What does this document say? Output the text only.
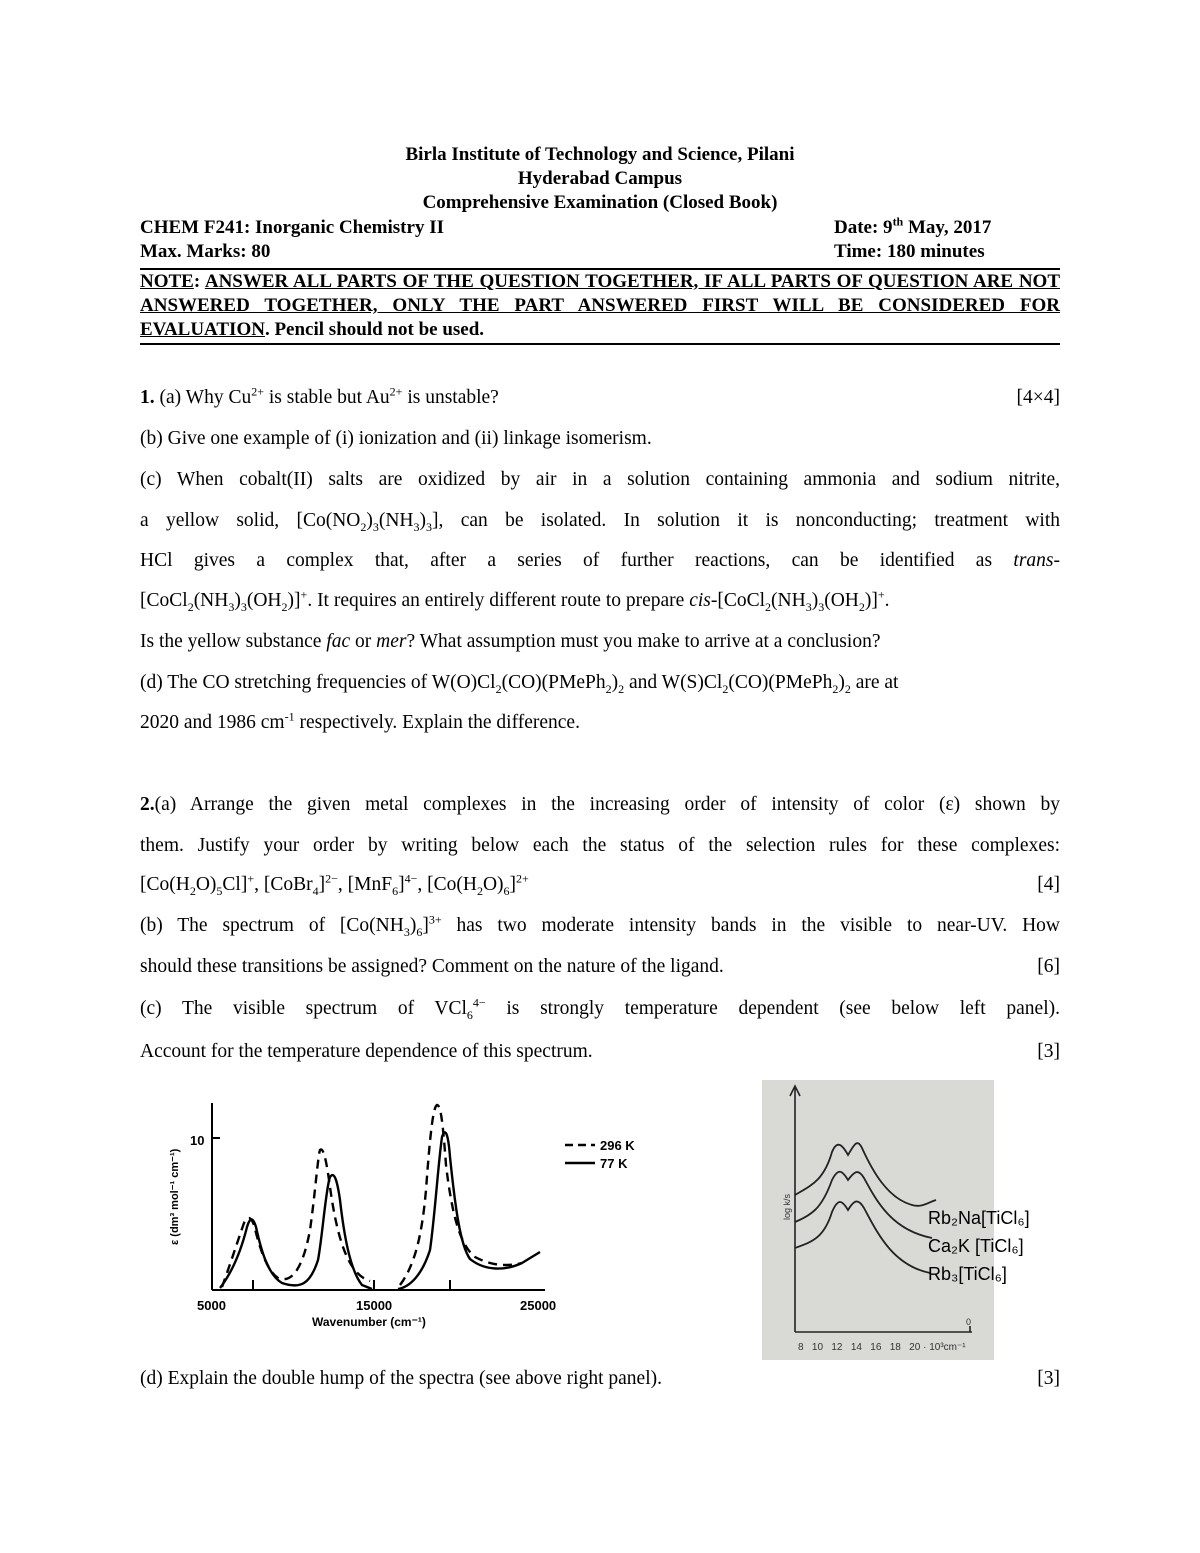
Birla Institute of Technology and Science, Pilani
Hyderabad Campus
Comprehensive Examination (Closed Book)
CHEM F241: Inorganic Chemistry II	Date: 9th May, 2017
Max. Marks: 80	Time: 180 minutes
NOTE: ANSWER ALL PARTS OF THE QUESTION TOGETHER, IF ALL PARTS OF QUESTION ARE NOT ANSWERED TOGETHER, ONLY THE PART ANSWERED FIRST WILL BE CONSIDERED FOR EVALUATION. Pencil should not be used.
1. (a) Why $Cu^{2+}$ is stable but $Au^{2+}$ is unstable?	[4×4]
(b) Give one example of (i) ionization and (ii) linkage isomerism.
(c) When cobalt(II) salts are oxidized by air in a solution containing ammonia and sodium nitrite,
a yellow solid, $[Co(NO_2)_3(NH_3)_3]$, can be isolated. In solution it is nonconducting; treatment with
HCl gives a complex that, after a series of further reactions, can be identified as trans-
$[CoCl_2(NH_3)_3(OH_2)]^+$. It requires an entirely different route to prepare cis-$[CoCl_2(NH_3)_3(OH_2)]^+$.
Is the yellow substance fac or mer? What assumption must you make to arrive at a conclusion?
(d) The CO stretching frequencies of $W(O)Cl_2(CO)(PMePh_2)_2$ and $W(S)Cl_2(CO)(PMePh_2)_2$ are at
2020 and 1986 $cm^{-1}$ respectively. Explain the difference.
2.(a) Arrange the given metal complexes in the increasing order of intensity of color (ε) shown by
them. Justify your order by writing below each the status of the selection rules for these complexes:
$[Co(H_2O)_5Cl]^+$, [CoBr$_4$]$^{2-}$, $[MnF_6]^{4-}$, $[Co(H_2O)_6]^{2+}$	[4]
(b) The spectrum of $[Co(NH_3)_6]^{3+}$ has two moderate intensity bands in the visible to near-UV. How
should these transitions be assigned? Comment on the nature of the ligand.	[6]
(c) The visible spectrum of VCl$_6^{4-}$ is strongly temperature dependent (see below left panel).
Account for the temperature dependence of this spectrum.	[3]
10
ε (dm³ mol⁻¹ cm⁻¹)
5000	15000	25000
Wavenumber (cm⁻¹)
296 K
77 K
log k/s
0
8   10   12   14   16   18   20 · 10³cm⁻¹
Rb₂Na[TiCl₆]
Ca₂K [TiCl₆]
Rb₃[TiCl₆]
(d) Explain the double hump of the spectra (see above right panel).	[3]
